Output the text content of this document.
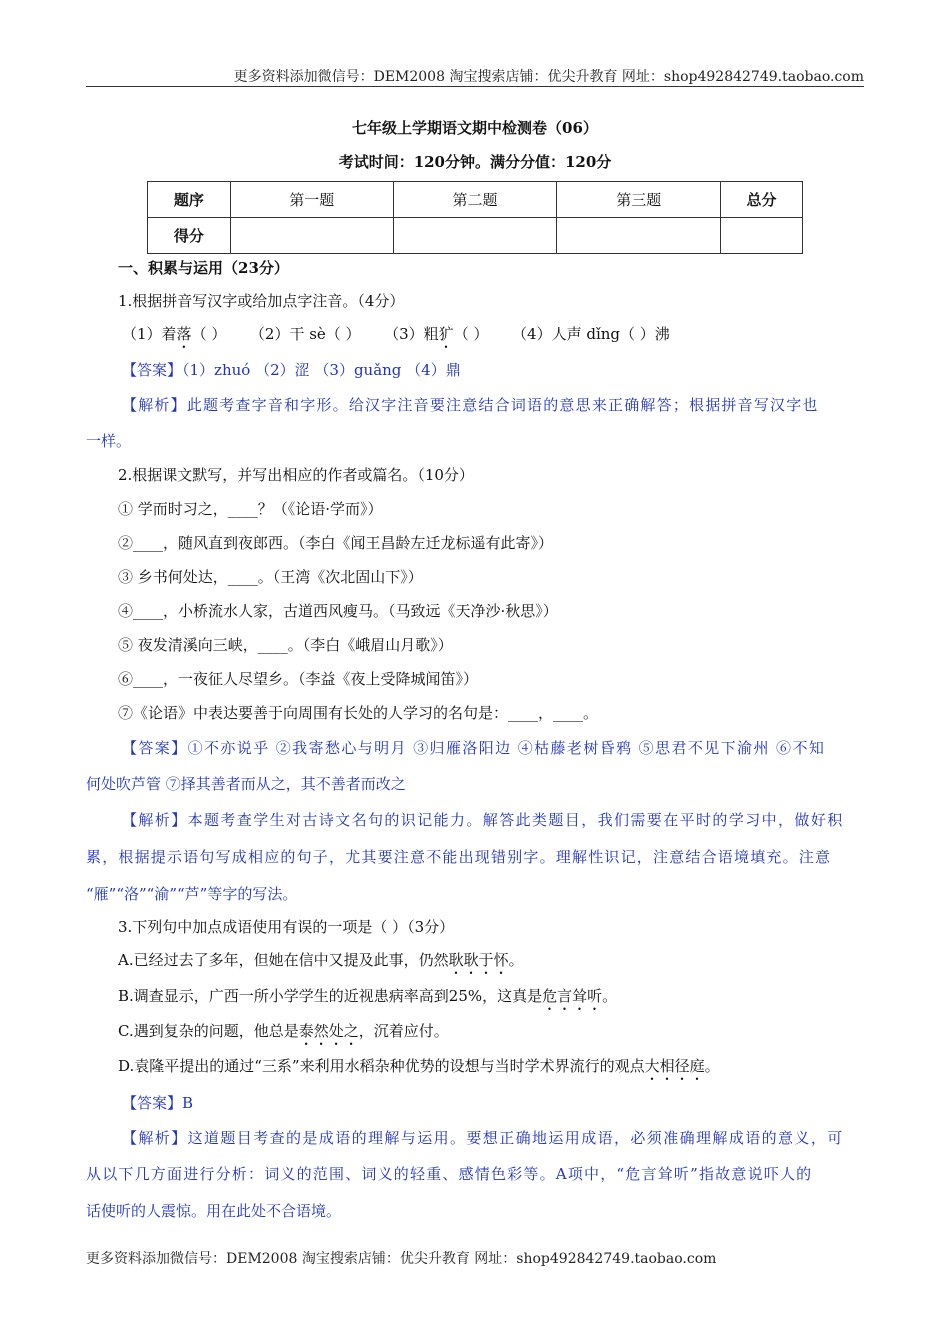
更多资料添加微信号：DEM2008 淘宝搜索店铺：优尖升教育 网址：shop492842749.taobao.com
七年级上学期语文期中检测卷（06）
考试时间：120分钟。满分分值：120分
题序	第一题	第二题	第三题	总分
得分				
一、积累与运用（23分）
1.根据拼音写汉字或给加点字注音。（4分）
（1）着落（ ） （2）干 sè（ ） （3）粗犷（ ） （4）人声 dǐng（ ）沸
【答案】（1）zhuó （2）涩 （3）guǎng （4）鼎
【解析】此题考查字音和字形。给汉字注音要注意结合词语的意思来正确解答；根据拼音写汉字也
一样。
2.根据课文默写，并写出相应的作者或篇名。（10分）
① 学而时习之，____？（《论语·学而》）
②____，随风直到夜郎西。（李白《闻王昌龄左迁龙标遥有此寄》）
③ 乡书何处达，____。（王湾《次北固山下》）
④____，小桥流水人家，古道西风瘦马。（马致远《天净沙·秋思》）
⑤ 夜发清溪向三峡，____。（李白《峨眉山月歌》）
⑥____，一夜征人尽望乡。（李益《夜上受降城闻笛》）
⑦《论语》中表达要善于向周围有长处的人学习的名句是：____，____。
【答案】①不亦说乎 ②我寄愁心与明月 ③归雁洛阳边 ④枯藤老树昏鸦 ⑤思君不见下渝州 ⑥不知
何处吹芦管 ⑦择其善者而从之，其不善者而改之
【解析】本题考查学生对古诗文名句的识记能力。解答此类题目，我们需要在平时的学习中，做好积
累，根据提示语句写成相应的句子，尤其要注意不能出现错别字。理解性识记，注意结合语境填充。注意
“雁”“洛”“渝”“芦”等字的写法。
3.下列句中加点成语使用有误的一项是（ ）（3分）
A.已经过去了多年，但她在信中又提及此事，仍然耿耿于怀。
B.调查显示，广西一所小学学生的近视患病率高到25%，这真是危言耸听。
C.遇到复杂的问题，他总是泰然处之，沉着应付。
D.袁隆平提出的通过“三系”来利用水稻杂种优势的设想与当时学术界流行的观点大相径庭。
【答案】B
【解析】这道题目考查的是成语的理解与运用。要想正确地运用成语，必须准确理解成语的意义，可
从以下几方面进行分析：词义的范围、词义的轻重、感情色彩等。A项中，“危言耸听”指故意说吓人的
话使听的人震惊。用在此处不合语境。
更多资料添加微信号：DEM2008 淘宝搜索店铺：优尖升教育 网址：shop492842749.taobao.com
